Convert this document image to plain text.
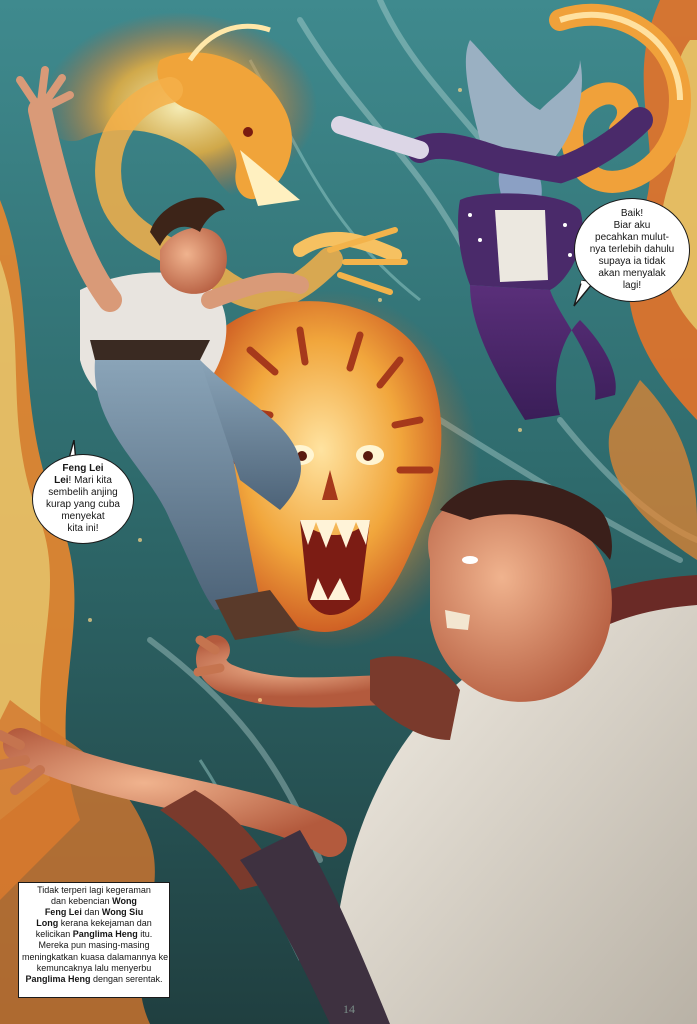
Baik!
Biar aku
pecahkan mulut-
nya terlebih dahulu
supaya ia tidak
akan menyalak
lagi!
Feng Lei
Lei! Mari kita
sembelih anjing
kurap yang cuba
menyekat
kita ini!
Tidak terperi lagi kegeraman
dan kebencian Wong
Feng Lei dan Wong Siu
Long kerana kekejaman dan
kelicikan Panglima Heng itu.
Mereka pun masing-masing
meningkatkan kuasa dalamannya ke
kemuncaknya lalu menyerbu
Panglima Heng dengan serentak.
14
